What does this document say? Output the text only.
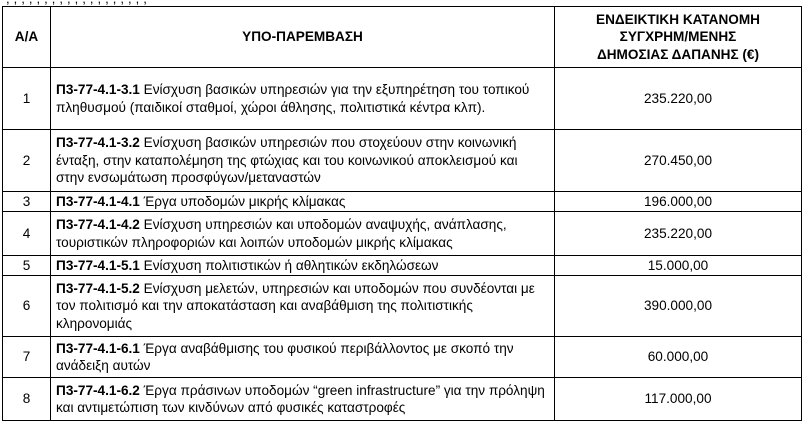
Α/Α	ΥΠΟ-ΠΑΡΕΜΒΑΣΗ	ΕΝΔΕΙΚΤΙΚΗ ΚΑΤΑΝΟΜΗ
ΣΥΓΧΡΗΜ/ΜΕΝΗΣ
ΔΗΜΟΣΙΑΣ ΔΑΠΑΝΗΣ (€)
1	Π3-77-4.1-3.1 Ενίσχυση βασικών υπηρεσιών για την εξυπηρέτηση του τοπικού πληθυσμού (παιδικοί σταθμοί, χώροι άθλησης, πολιτιστικά κέντρα κλπ).	235.220,00
2	Π3-77-4.1-3.2 Ενίσχυση βασικών υπηρεσιών που στοχεύουν στην κοινωνική ένταξη, στην καταπολέμηση της φτώχιας και του κοινωνικού αποκλεισμού και στην ενσωμάτωση προσφύγων/μεταναστών	270.450,00
3	Π3-77-4.1-4.1 Έργα υποδομών μικρής κλίμακας	196.000,00
4	Π3-77-4.1-4.2 Ενίσχυση υπηρεσιών και υποδομών αναψυχής, ανάπλασης, τουριστικών πληροφοριών και λοιπών υποδομών μικρής κλίμακας	235.220,00
5	Π3-77-4.1-5.1 Ενίσχυση πολιτιστικών ή αθλητικών εκδηλώσεων	15.000,00
6	Π3-77-4.1-5.2 Ενίσχυση μελετών, υπηρεσιών και υποδομών που συνδέονται με τον πολιτισμό και την αποκατάσταση και αναβάθμιση της πολιτιστικής κληρονομιάς	390.000,00
7	Π3-77-4.1-6.1 Έργα αναβάθμισης του φυσικού περιβάλλοντος με σκοπό την ανάδειξη αυτών	60.000,00
8	Π3-77-4.1-6.2 Έργα πράσινων υποδομών “green infrastructure” για την πρόληψη και αντιμετώπιση των κινδύνων από φυσικές καταστροφές	117.000,00
